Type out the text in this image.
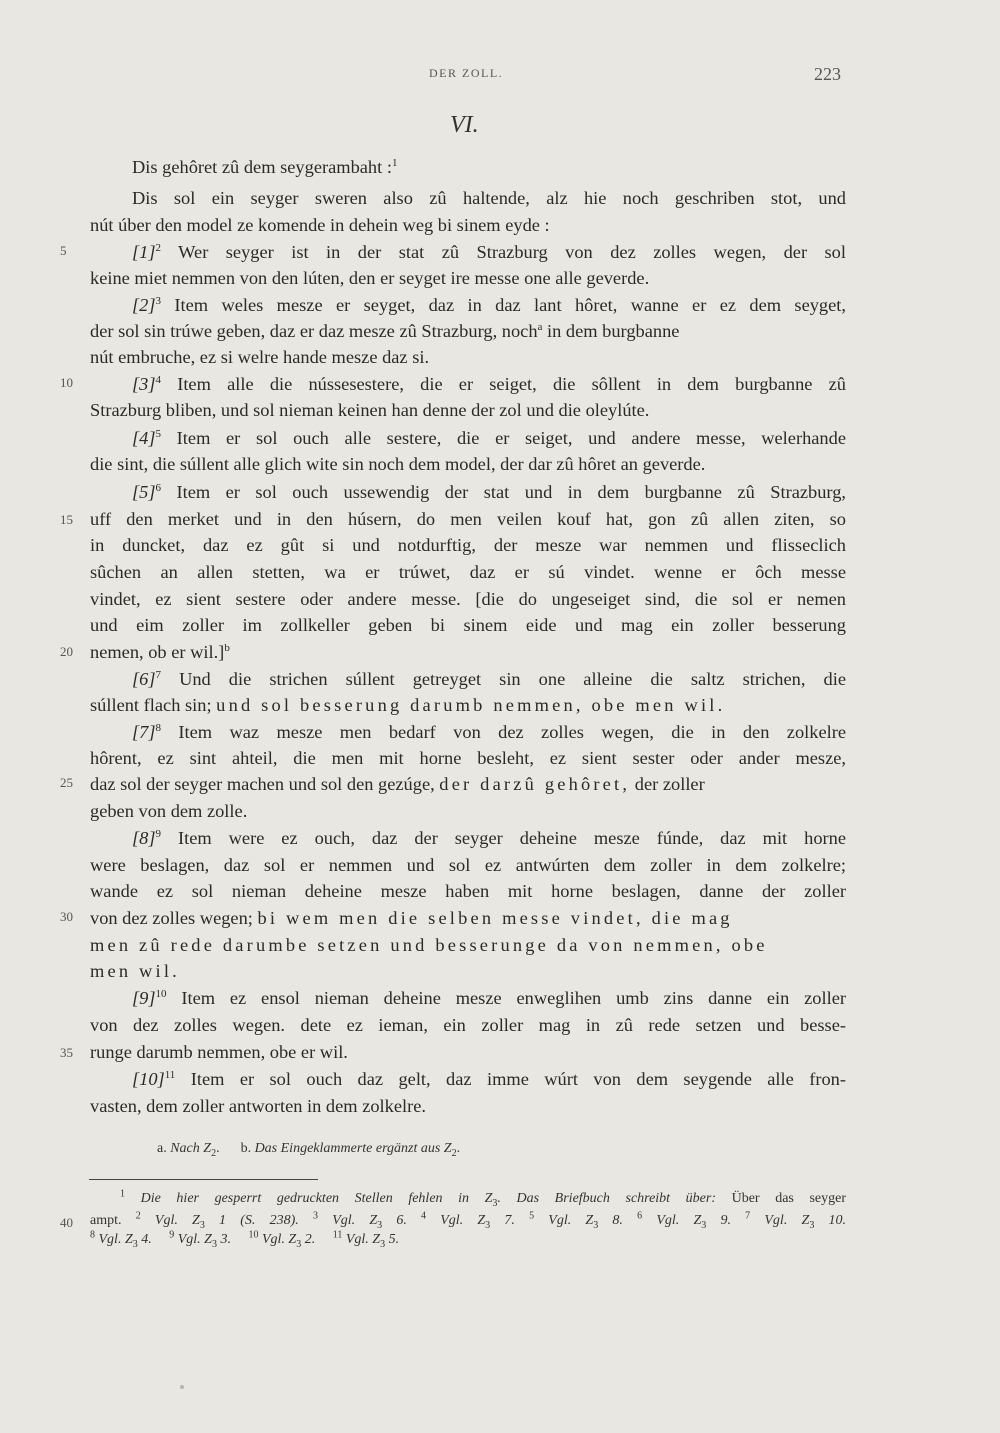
DER ZOLL.	223
VI.
5
10
15
20
25
30
35
40
Dis gehôret zû dem seygerambaht :$^1$
Dis sol ein seyger sweren also zû haltende, alz hie noch geschriben stot, und
nút úber den model ze komende in dehein weg bi sinem eyde :
$[1]^2$ Wer seyger ist in der stat zû Strazburg von dez zolles wegen, der sol
keine miet nemmen von den lúten, den er seyget ire messe one alle geverde.
$[2]^3$ Item weles mesze er seyget, daz in daz lant hôret, wanne er ez dem seyget,
der sol sin trúwe geben, daz er daz mesze zû Strazburg, noch$^a$ in dem burgbanne
nút embruche, ez si welre hande mesze daz si.
$[3]^4$ Item alle die nússesestere, die er seiget, die sôllent in dem burgbanne zû
Strazburg bliben, und sol nieman keinen han denne der zol und die oleylúte.
$[4]^5$ Item er sol ouch alle sestere, die er seiget, und andere messe, welerhande
die sint, die súllent alle glich wite sin noch dem model, der dar zû hôret an geverde.
$[5]^6$ Item er sol ouch ussewendig der stat und in dem burgbanne zû Strazburg,
uff den merket und in den húsern, do men veilen kouf hat, gon zû allen ziten, so
in duncket, daz ez gût si und notdurftig, der mesze war nemmen und flisseclich
sûchen an allen stetten, wa er trúwet, daz er sú vindet. wenne er ôch messe
vindet, ez sient sestere oder andere messe. [die do ungeseiget sind, die sol er nemen
und eim zoller im zollkeller geben bi sinem eide und mag ein zoller besserung
nemen, ob er wil.]$^b$
$[6]^7$ Und die strichen súllent getreyget sin one alleine die saltz strichen, die
súllent flach sin; und sol besserung darumb nemmen, obe men wil.
$[7]^8$ Item waz mesze men bedarf von dez zolles wegen, die in den zolkelre
hôrent, ez sint ahteil, die men mit horne besleht, ez sient sester oder ander mesze,
daz sol der seyger machen und sol den gezúge, der darzû gehôret, der zoller
geben von dem zolle.
$[8]^9$ Item were ez ouch, daz der seyger deheine mesze fúnde, daz mit horne
were beslagen, daz sol er nemmen und sol ez antwúrten dem zoller in dem zolkelre;
wande ez sol nieman deheine mesze haben mit horne beslagen, danne der zoller
von dez zolles wegen; bi wem men die selben messe vindet, die mag
men zû rede darumbe setzen und besserunge da von nemmen, obe
men wil.
$[9]^{10}$ Item ez ensol nieman deheine mesze enweglihen umb zins danne ein zoller
von dez zolles wegen. dete ez ieman, ein zoller mag in zû rede setzen und besse-
runge darumb nemmen, obe er wil.
$[10]^{11}$ Item er sol ouch daz gelt, daz imme wúrt von dem seygende alle fron-
vasten, dem zoller antworten in dem zolkelre.
a. Nach $Z_2$.      b. Das Eingeklammerte ergänzt aus $Z_2$.
$^1$ Die hier gesperrt gedruckten Stellen fehlen in $Z_3$. Das Briefbuch schreibt über: Über das seyger
ampt. $^2$ Vgl. $Z_3$ 1 (S. 238). $^3$ Vgl. $Z_3$ 6. $^4$ Vgl. $Z_3$ 7. $^5$ Vgl. $Z_3$ 8. $^6$ Vgl. $Z_3$ 9. $^7$ Vgl. $Z_3$ 10.
$^8$ Vgl. $Z_3$ 4. $^9$ Vgl. $Z_3$ 3. $^{10}$ Vgl. $Z_3$ 2. $^{11}$ Vgl. $Z_3$ 5.
